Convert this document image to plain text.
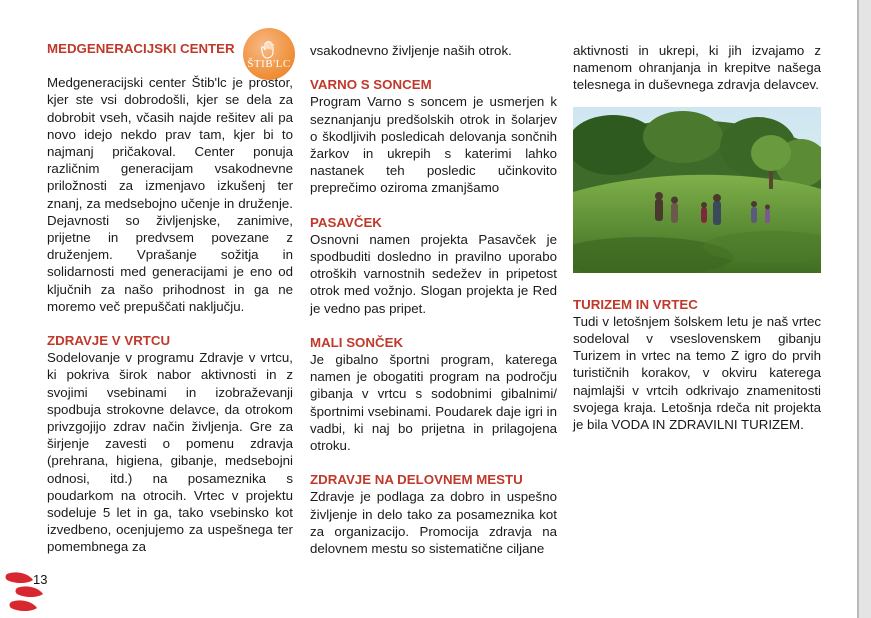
ŠTIB'LC
MEDGENERACIJSKI CENTER

Medgeneracijski center Štib'lc je prostor, kjer ste vsi dobrodošli, kjer se dela za dobrobit vseh, včasih najde rešitev ali pa novo idejo nekdo prav tam, kjer bi to najmanj pričakoval. Center ponuja različnim generacijam vsakodnevne priložnosti za izmenjavo izkušenj ter znanj, za medsebojno učenje in druženje. Dejavnosti so življenjske, zanimive, prijetne in predvsem povezane z druženjem. Vprašanje sožitja in solidarnosti med generacijami je eno od ključnih za našo prihodnost in ga ne moremo več prepuščati naključju.

ZDRAVJE V VRTCU

Sodelovanje v programu Zdravje v vrtcu, ki pokriva širok nabor aktivnosti in z svojimi vsebinami in izobraževanji spodbuja strokovne delavce, da otrokom privzgojijo zdrav način življenja. Gre za širjenje zavesti o pomenu zdravja (prehrana, higiena, gibanje, medsebojni odnosi, itd.) na posameznika s poudarkom na otrocih. Vrtec v projektu sodeluje 5 let in ga, tako vsebinsko kot izvedbeno, ocenjujemo za uspešnega ter pomembnega za

vsakodnevno življenje naših otrok.

VARNO S SONCEM

Program Varno s soncem je usmerjen k seznanjanju predšolskih otrok in šolarjev o škodljivih posledicah delovanja sončnih žarkov in ukrepih s katerimi lahko nastanek teh posledic učinkovito preprečimo oziroma zmanjšamo

PASAVČEK

Osnovni namen projekta Pasavček je spodbuditi dosledno in pravilno uporabo otroških varnostnih sedežev in pripetost otrok med vožnjo. Slogan projekta je Red je vedno pas pripet.

MALI SONČEK

Je gibalno športni program, katerega namen je obogatiti program na področju gibanja v vrtcu s sodobnimi gibalnimi/ športnimi vsebinami. Poudarek daje igri in vadbi, ki naj bo prijetna in prilagojena otroku.

ZDRAVJE NA DELOVNEM MESTU

Zdravje je podlaga za dobro in uspešno življenje in delo tako za posameznika kot za organizacijo. Promocija zdravja na delovnem mestu so sistematične ciljane

aktivnosti in ukrepi, ki jih izvajamo z namenom ohranjanja in krepitve našega telesnega in duševnega zdravja delavcev.

TURIZEM IN VRTEC

Tudi v letošnjem šolskem letu je naš vrtec sodeloval v vseslovenskem gibanju Turizem in vrtec na temo Z igro do prvih turističnih korakov, v okviru katerega najmlajši v vrtcih odkrivajo znamenitosti svojega kraja. Letošnja rdeča nit projekta je bila VODA IN ZDRAVILNI TURIZEM.

13
